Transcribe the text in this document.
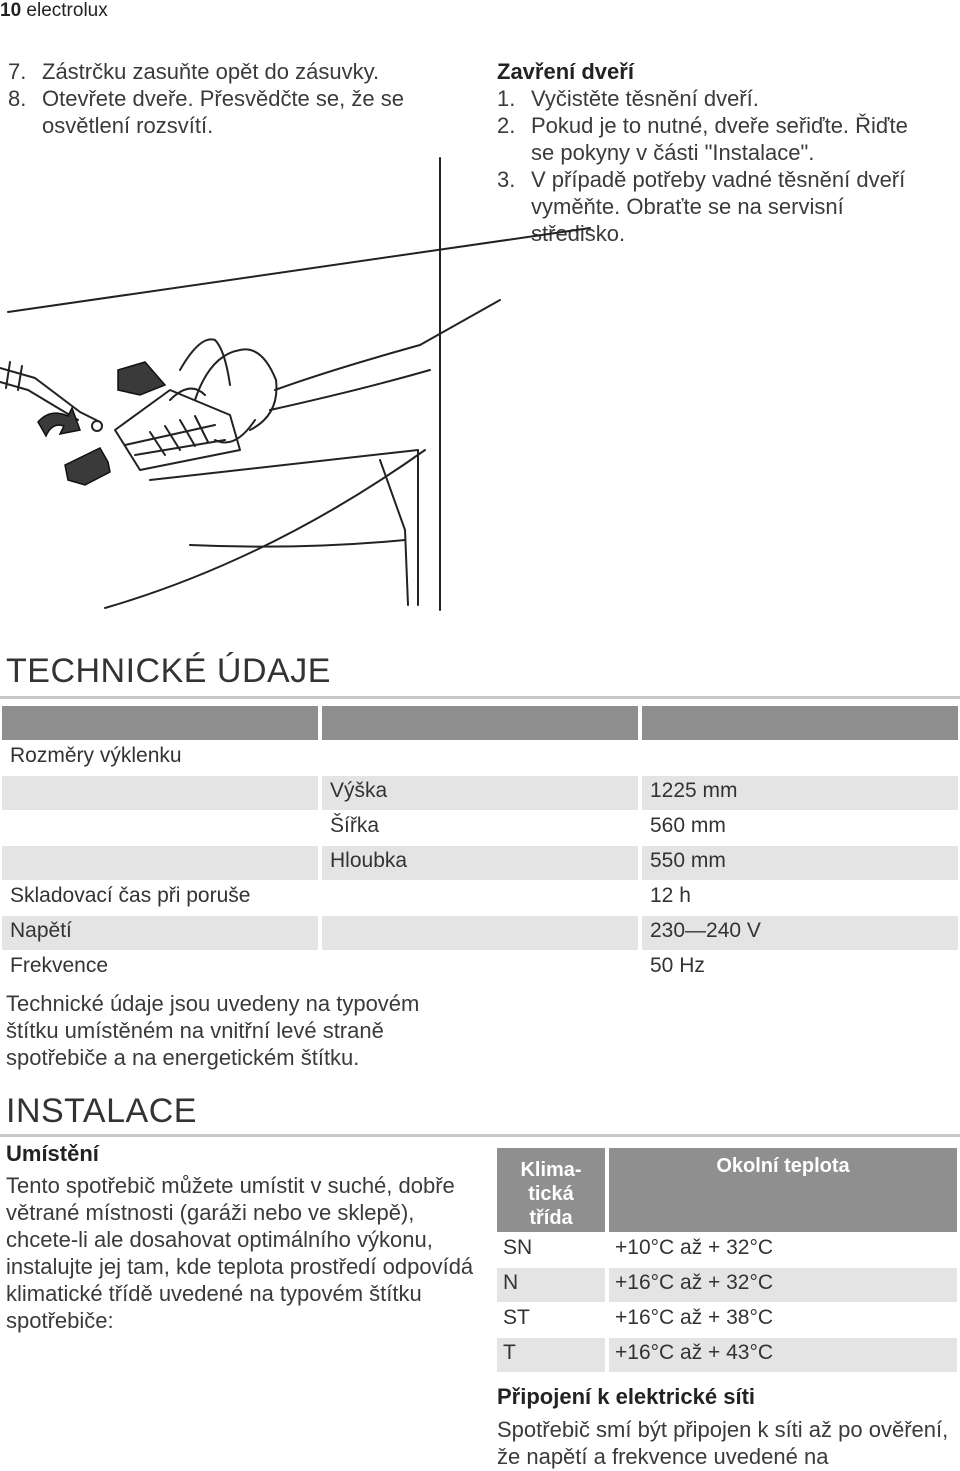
10 electrolux
7. Zástrčku zasuňte opět do zásuvky.
8. Otevřete dveře. Přesvědčte se, že se osvětlení rozsvítí.
Zavření dveří
1. Vyčistěte těsnění dveří.
2. Pokud je to nutné, dveře seřiďte. Řiďte se pokyny v části "Instalace".
3. V případě potřeby vadné těsnění dveří vyměňte. Obraťte se na servisní středisko.
TECHNICKÉ ÚDAJE
Rozměry výklenku
Výška	1225 mm
Šířka	560 mm
Hloubka	550 mm
Skladovací čas při poruše	12 h
Napětí	230—240 V
Frekvence	50 Hz
Technické údaje jsou uvedeny na typovém štítku umístěném na vnitřní levé straně spotřebiče a na energetickém štítku.
INSTALACE
Umístění
Tento spotřebič můžete umístit v suché, dobře větrané místnosti (garáži nebo ve sklepě), chcete-li ale dosahovat optimálního výkonu, instalujte jej tam, kde teplota prostředí odpovídá klimatické třídě uvedené na typovém štítku spotřebiče:
Klima-tická třída
Okolní teplota
SN	+10°C až + 32°C
N	+16°C až + 32°C
ST	+16°C až + 38°C
T	+16°C až + 43°C
Připojení k elektrické síti
Spotřebič smí být připojen k síti až po ověření, že napětí a frekvence uvedené na
